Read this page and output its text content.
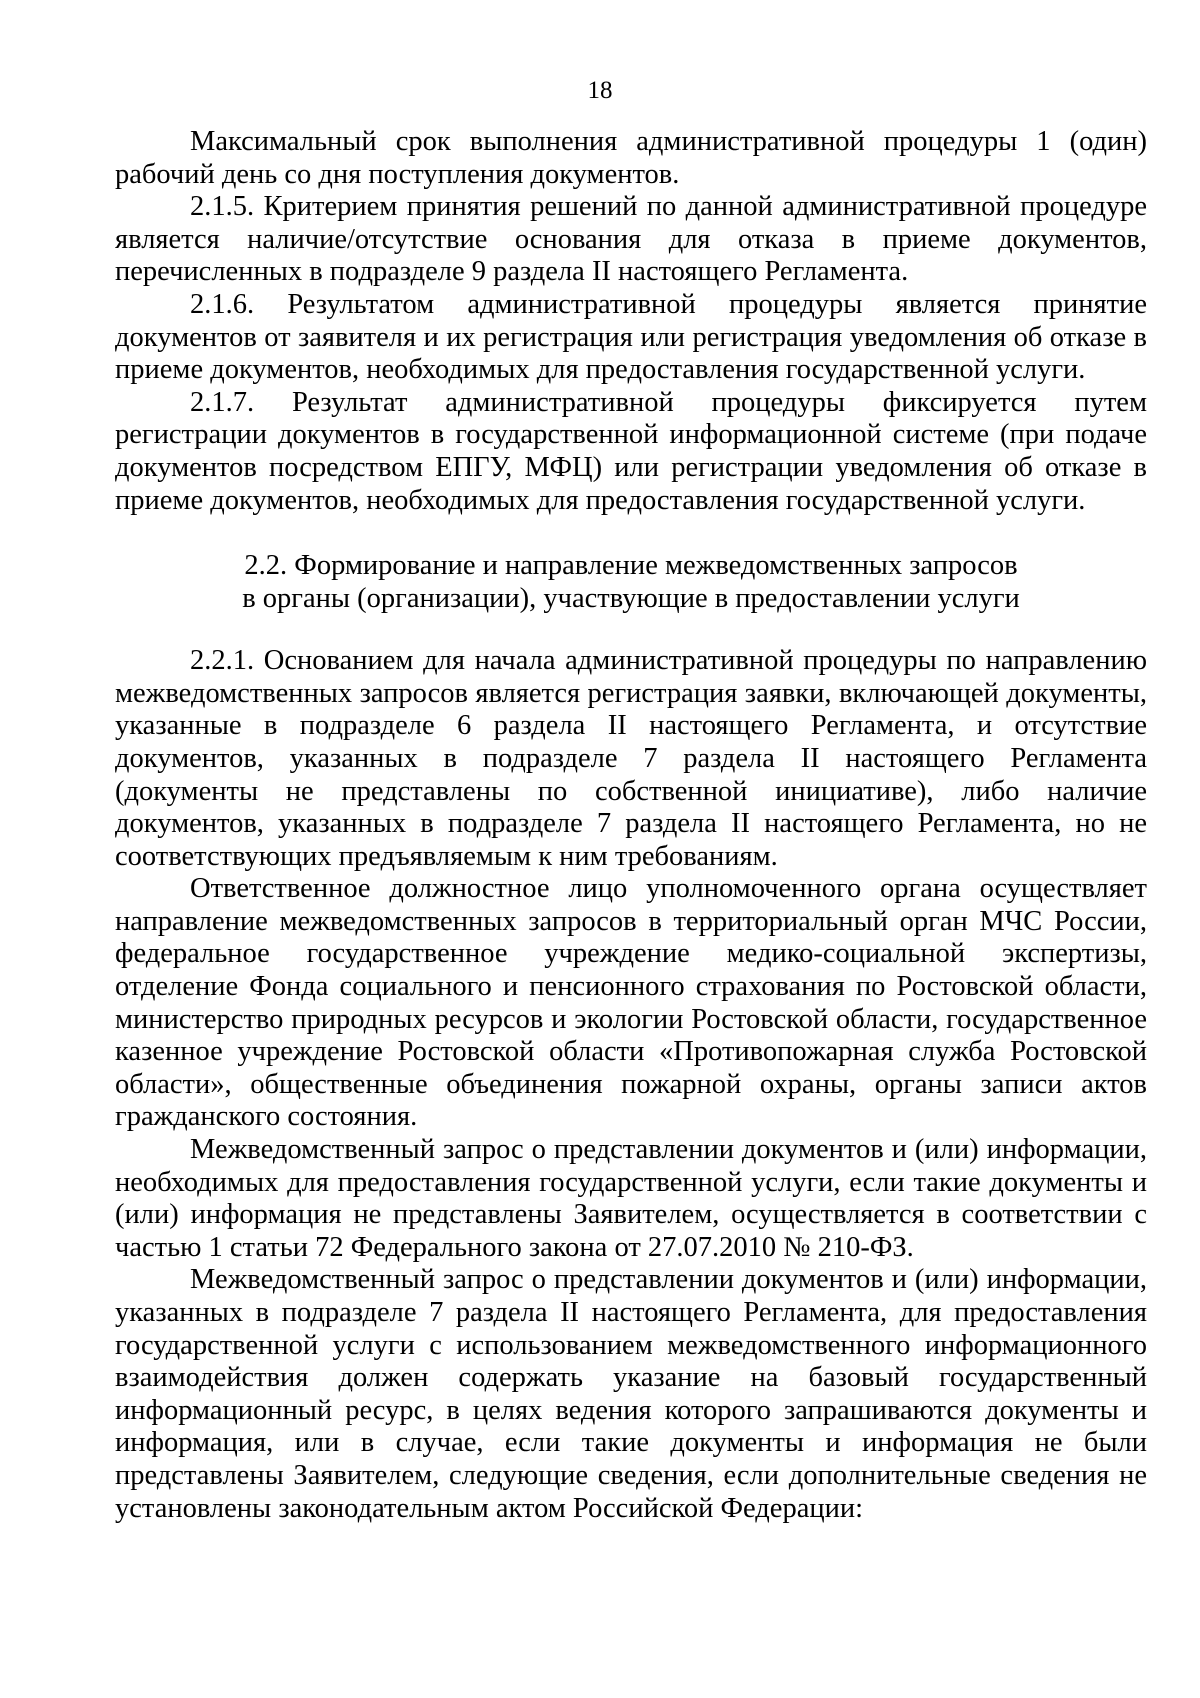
18

Максимальный срок выполнения административной процедуры 1 (один) рабочий день со дня поступления документов.

2.1.5. Критерием принятия решений по данной административной процедуре является наличие/отсутствие основания для отказа в приеме документов, перечисленных в подразделе 9 раздела II настоящего Регламента.

2.1.6. Результатом административной процедуры является принятие документов от заявителя и их регистрация или регистрация уведомления об отказе в приеме документов, необходимых для предоставления государственной услуги.

2.1.7. Результат административной процедуры фиксируется путем регистрации документов в государственной информационной системе (при подаче документов посредством ЕПГУ, МФЦ) или регистрации уведомления об отказе в приеме документов, необходимых для предоставления государственной услуги.

2.2. Формирование и направление межведомственных запросов
в органы (организации), участвующие в предоставлении услуги

2.2.1. Основанием для начала административной процедуры по направлению межведомственных запросов является регистрация заявки, включающей документы, указанные в подразделе 6 раздела II настоящего Регламента, и отсутствие документов, указанных в подразделе 7 раздела II настоящего Регламента (документы не представлены по собственной инициативе), либо наличие документов, указанных в подразделе 7 раздела II настоящего Регламента, но не соответствующих предъявляемым к ним требованиям.

Ответственное должностное лицо уполномоченного органа осуществляет направление межведомственных запросов в территориальный орган МЧС России, федеральное государственное учреждение медико-социальной экспертизы, отделение Фонда социального и пенсионного страхования по Ростовской области, министерство природных ресурсов и экологии Ростовской области, государственное казенное учреждение Ростовской области «Противопожарная служба Ростовской области», общественные объединения пожарной охраны, органы записи актов гражданского состояния.

Межведомственный запрос о представлении документов и (или) информации, необходимых для предоставления государственной услуги, если такие документы и (или) информация не представлены Заявителем, осуществляется в соответствии с частью 1 статьи 72 Федерального закона от 27.07.2010 № 210-ФЗ.

Межведомственный запрос о представлении документов и (или) информации, указанных в подразделе 7 раздела II настоящего Регламента, для предоставления государственной услуги с использованием межведомственного информационного взаимодействия должен содержать указание на базовый государственный информационный ресурс, в целях ведения которого запрашиваются документы и информация, или в случае, если такие документы и информация не были представлены Заявителем, следующие сведения, если дополнительные сведения не установлены законодательным актом Российской Федерации:
